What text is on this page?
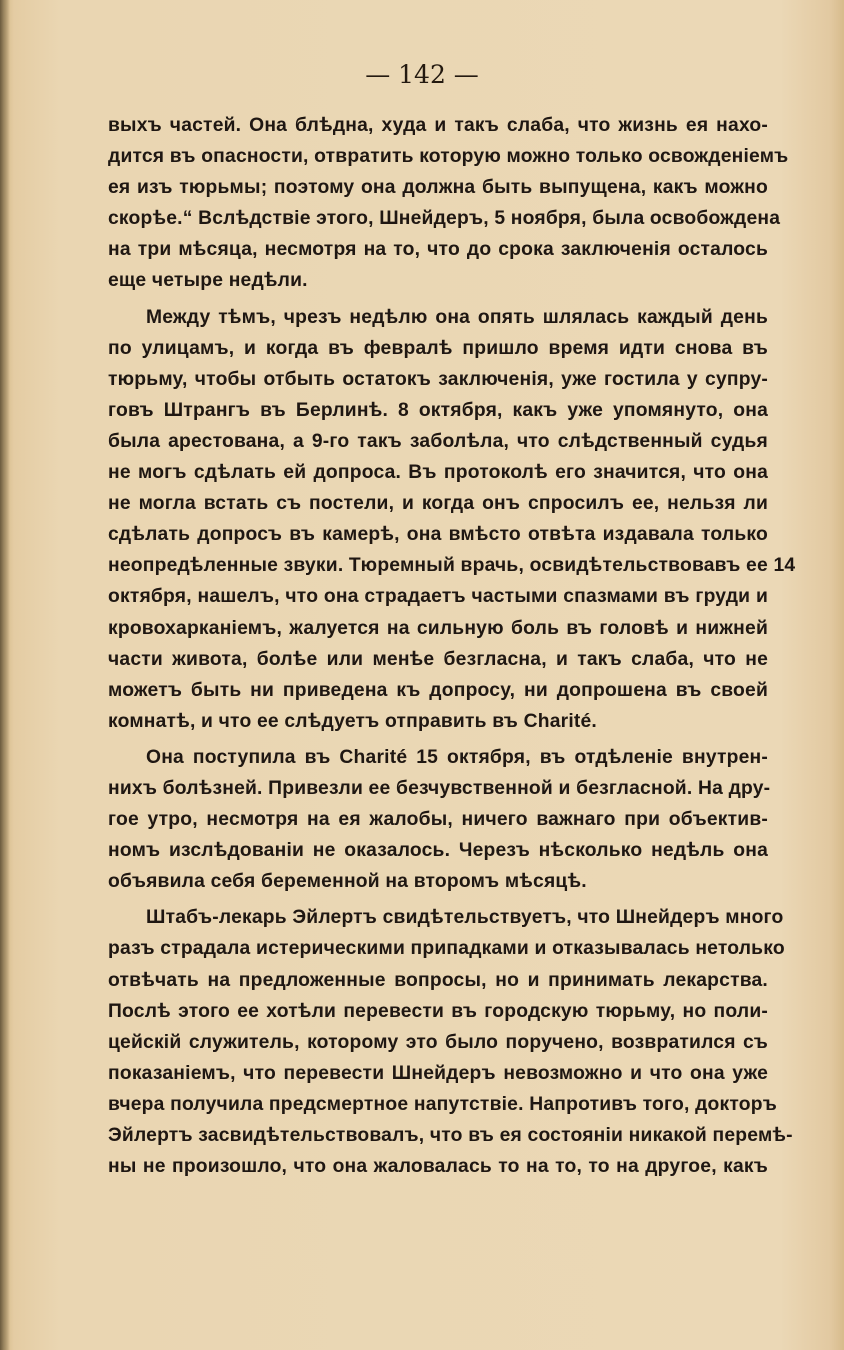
— 142 —
выхъ частей. Она блѣдна, худа и такъ слаба, что жизнь ея нахо-
дится въ опасности, отвратить которую можно только освожденіемъ
ея изъ тюрьмы; поэтому она должна быть выпущена, какъ можно
скорѣе.“ Вслѣдствіе этого, Шнейдеръ, 5 ноября, была освобождена
на три мѣсяца, несмотря на то, что до срока заключенія осталось
еще четыре недѣли.
Между тѣмъ, чрезъ недѣлю она опять шлялась каждый день
по улицамъ, и когда въ февралѣ пришло время идти снова въ
тюрьму, чтобы отбыть остатокъ заключенія, уже гостила у супру-
говъ Штрангъ въ Берлинѣ. 8 октября, какъ уже упомянуто, она
была арестована, а 9-го такъ заболѣла, что слѣдственный судья
не могъ сдѣлать ей допроса. Въ протоколѣ его значится, что она
не могла встать съ постели, и когда онъ спросилъ ее, нельзя ли
сдѣлать допросъ въ камерѣ, она вмѣсто отвѣта издавала только
неопредѣленные звуки. Тюремный врачь, освидѣтельствовавъ ее 14
октября, нашелъ, что она страдаетъ частыми спазмами въ груди и
кровохарканіемъ, жалуется на сильную боль въ головѣ и нижней
части живота, болѣе или менѣе безгласна, и такъ слаба, что не
можетъ быть ни приведена къ допросу, ни допрошена въ своей
комнатѣ, и что ее слѣдуетъ отправить въ Charité.
Она поступила въ Charité 15 октября, въ отдѣленіе внутрен-
нихъ болѣзней. Привезли ее безчувственной и безгласной. На дру-
гое утро, несмотря на ея жалобы, ничего важнаго при объектив-
номъ изслѣдованіи не оказалось. Черезъ нѣсколько недѣль она
объявила себя беременной на второмъ мѣсяцѣ.
Штабъ-лекарь Эйлертъ свидѣтельствуетъ, что Шнейдеръ много
разъ страдала истерическими припадками и отказывалась нетолько
отвѣчать на предложенные вопросы, но и принимать лекарства.
Послѣ этого ее хотѣли перевести въ городскую тюрьму, но поли-
цейскій служитель, которому это было поручено, возвратился съ
показаніемъ, что перевести Шнейдеръ невозможно и что она уже
вчера получила предсмертное напутствіе. Напротивъ того, докторъ
Эйлертъ засвидѣтельствовалъ, что въ ея состояніи никакой перемѣ-
ны не произошло, что она жаловалась то на то, то на другое, какъ
